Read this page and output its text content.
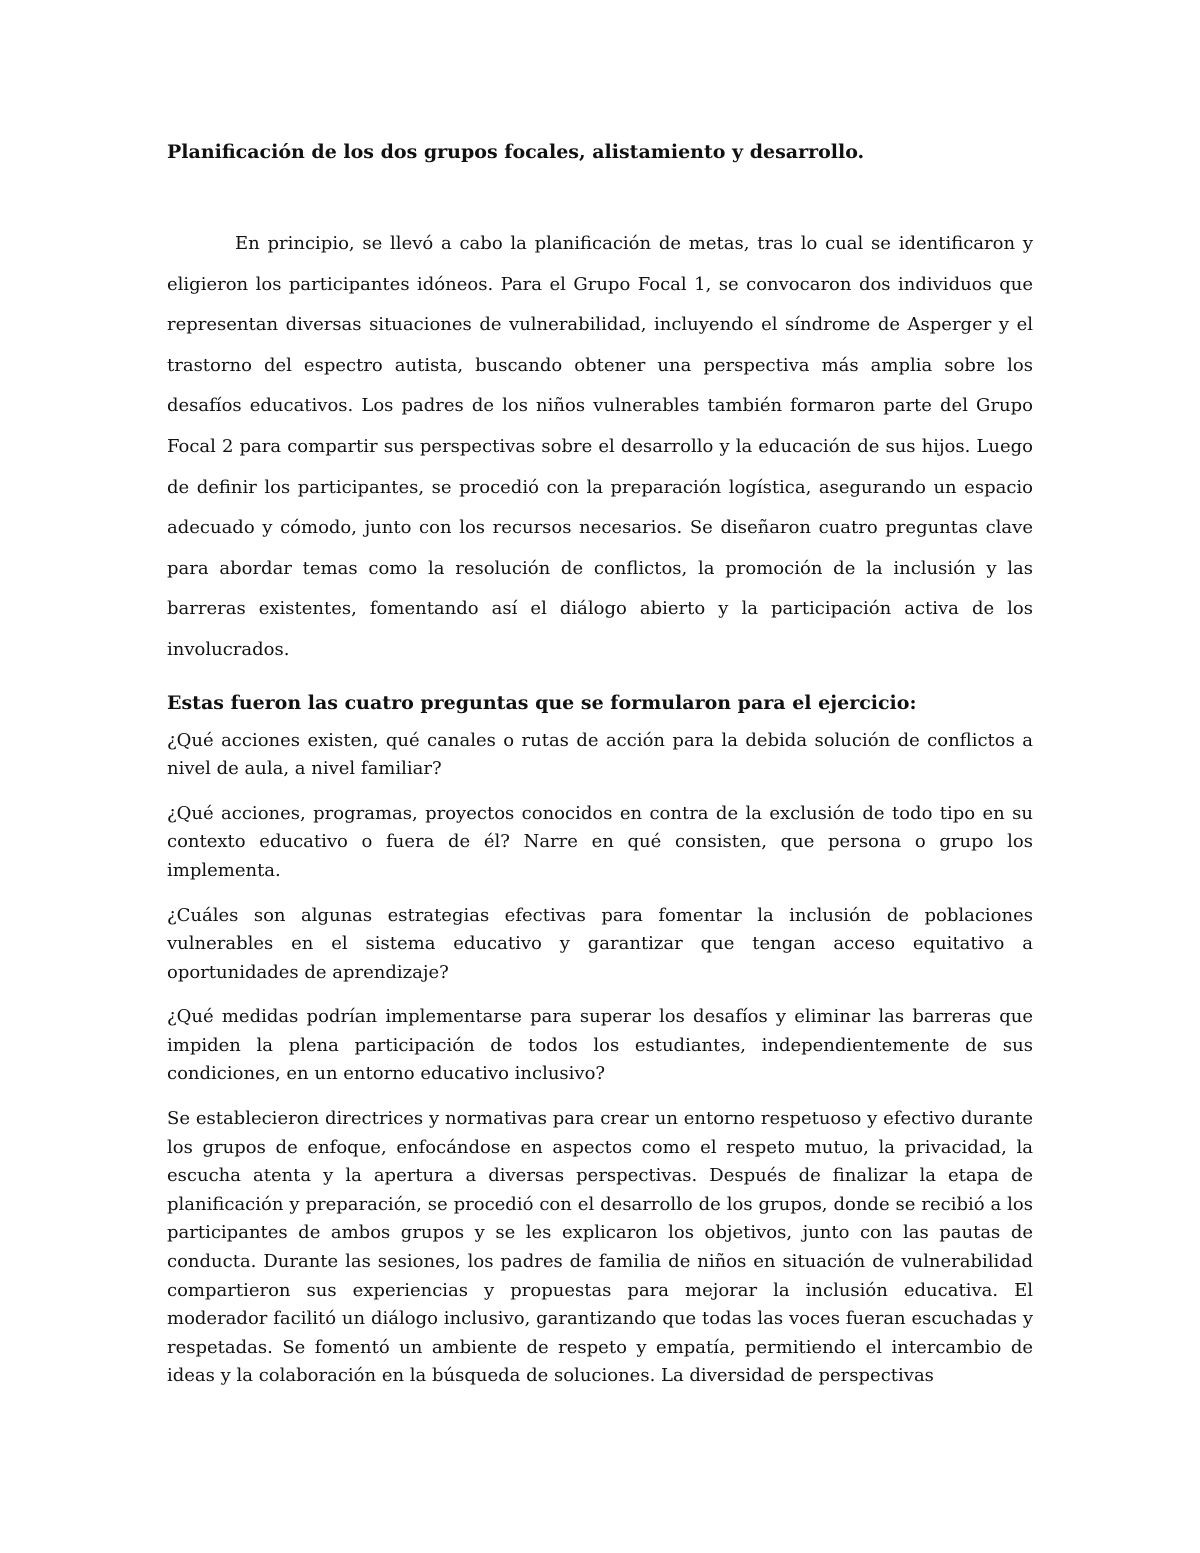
Planificación de los dos grupos focales, alistamiento y desarrollo.

En principio, se llevó a cabo la planificación de metas, tras lo cual se identificaron y eligieron los participantes idóneos. Para el Grupo Focal 1, se convocaron dos individuos que representan diversas situaciones de vulnerabilidad, incluyendo el síndrome de Asperger y el trastorno del espectro autista, buscando obtener una perspectiva más amplia sobre los desafíos educativos. Los padres de los niños vulnerables también formaron parte del Grupo Focal 2 para compartir sus perspectivas sobre el desarrollo y la educación de sus hijos. Luego de definir los participantes, se procedió con la preparación logística, asegurando un espacio adecuado y cómodo, junto con los recursos necesarios. Se diseñaron cuatro preguntas clave para abordar temas como la resolución de conflictos, la promoción de la inclusión y las barreras existentes, fomentando así el diálogo abierto y la participación activa de los involucrados.

Estas fueron las cuatro preguntas que se formularon para el ejercicio:

¿Qué acciones existen, qué canales o rutas de acción para la debida solución de conflictos a nivel de aula, a nivel familiar?

¿Qué acciones, programas, proyectos conocidos en contra de la exclusión de todo tipo en su contexto educativo o fuera de él? Narre en qué consisten, que persona o grupo los implementa.

¿Cuáles son algunas estrategias efectivas para fomentar la inclusión de poblaciones vulnerables en el sistema educativo y garantizar que tengan acceso equitativo a oportunidades de aprendizaje?

¿Qué medidas podrían implementarse para superar los desafíos y eliminar las barreras que impiden la plena participación de todos los estudiantes, independientemente de sus condiciones, en un entorno educativo inclusivo?

Se establecieron directrices y normativas para crear un entorno respetuoso y efectivo durante los grupos de enfoque, enfocándose en aspectos como el respeto mutuo, la privacidad, la escucha atenta y la apertura a diversas perspectivas. Después de finalizar la etapa de planificación y preparación, se procedió con el desarrollo de los grupos, donde se recibió a los participantes de ambos grupos y se les explicaron los objetivos, junto con las pautas de conducta. Durante las sesiones, los padres de familia de niños en situación de vulnerabilidad compartieron sus experiencias y propuestas para mejorar la inclusión educativa. El moderador facilitó un diálogo inclusivo, garantizando que todas las voces fueran escuchadas y respetadas. Se fomentó un ambiente de respeto y empatía, permitiendo el intercambio de ideas y la colaboración en la búsqueda de soluciones. La diversidad de perspectivas
